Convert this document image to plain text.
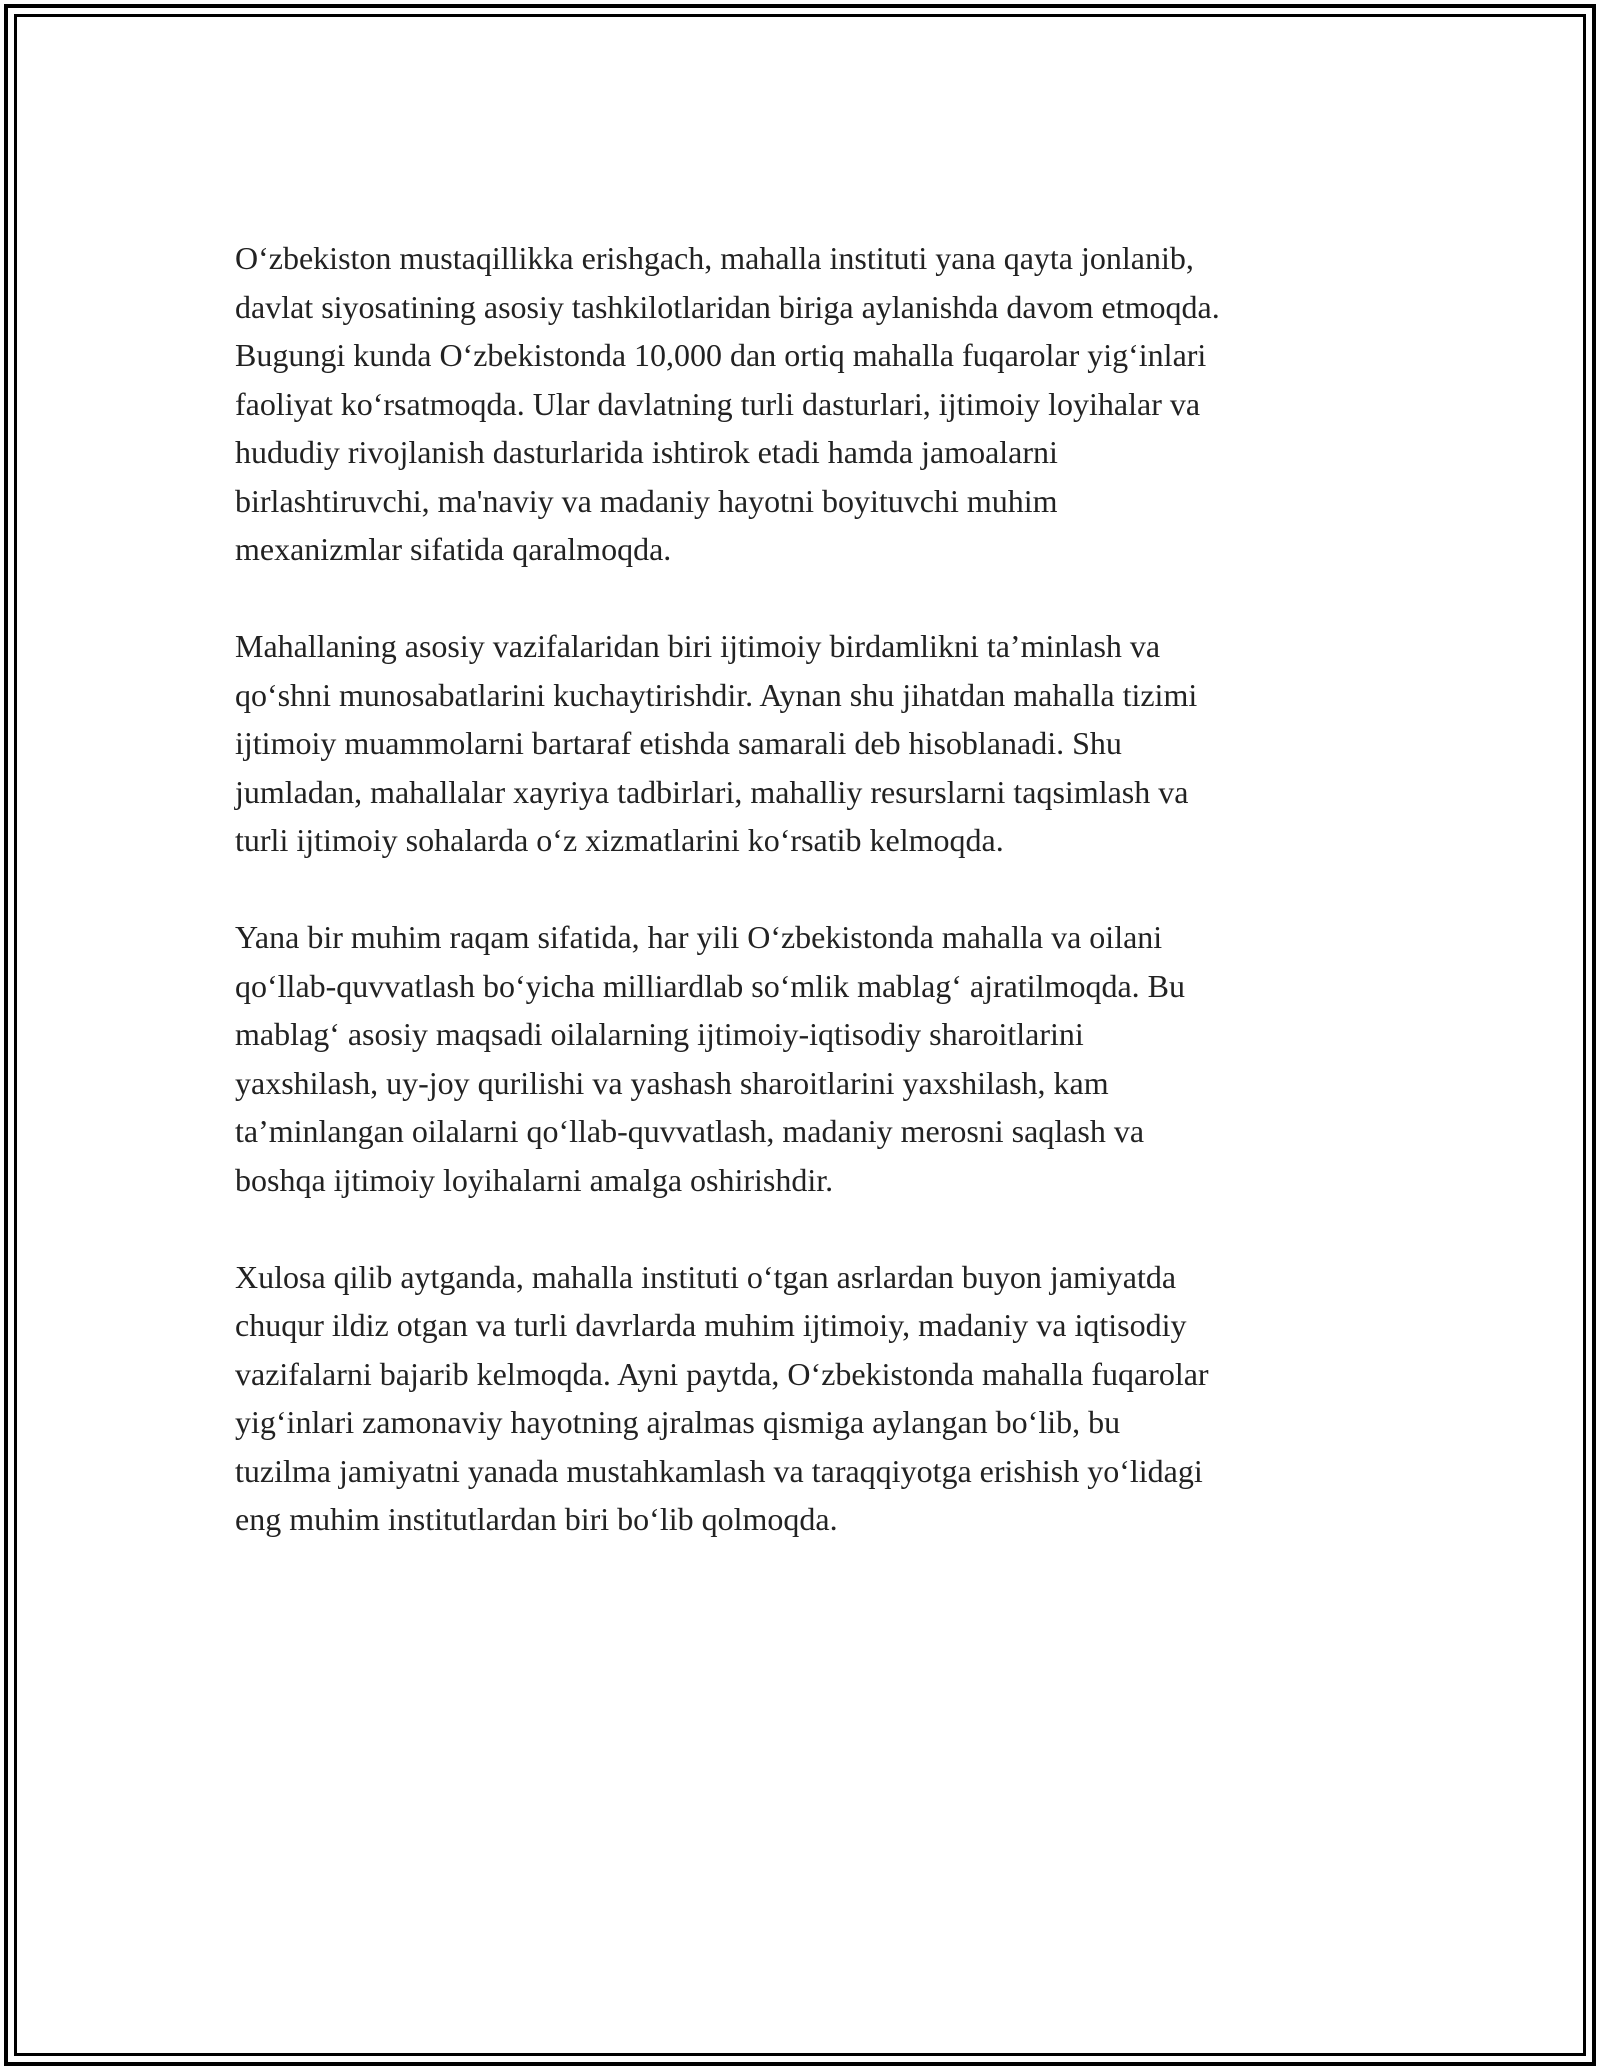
O‘zbekiston mustaqillikka erishgach, mahalla instituti yana qayta jonlanib,
davlat siyosatining asosiy tashkilotlaridan biriga aylanishda davom etmoqda.
Bugungi kunda O‘zbekistonda 10,000 dan ortiq mahalla fuqarolar yig‘inlari
faoliyat ko‘rsatmoqda. Ular davlatning turli dasturlari, ijtimoiy loyihalar va
hududiy rivojlanish dasturlarida ishtirok etadi hamda jamoalarni
birlashtiruvchi, ma'naviy va madaniy hayotni boyituvchi muhim
mexanizmlar sifatida qaralmoqda.

Mahallaning asosiy vazifalaridan biri ijtimoiy birdamlikni ta’minlash va
qo‘shni munosabatlarini kuchaytirishdir. Aynan shu jihatdan mahalla tizimi
ijtimoiy muammolarni bartaraf etishda samarali deb hisoblanadi. Shu
jumladan, mahallalar xayriya tadbirlari, mahalliy resurslarni taqsimlash va
turli ijtimoiy sohalarda o‘z xizmatlarini ko‘rsatib kelmoqda.

Yana bir muhim raqam sifatida, har yili O‘zbekistonda mahalla va oilani
qo‘llab-quvvatlash bo‘yicha milliardlab so‘mlik mablag‘ ajratilmoqda. Bu
mablag‘ asosiy maqsadi oilalarning ijtimoiy-iqtisodiy sharoitlarini
yaxshilash, uy-joy qurilishi va yashash sharoitlarini yaxshilash, kam
ta’minlangan oilalarni qo‘llab-quvvatlash, madaniy merosni saqlash va
boshqa ijtimoiy loyihalarni amalga oshirishdir.

Xulosa qilib aytganda, mahalla instituti o‘tgan asrlardan buyon jamiyatda
chuqur ildiz otgan va turli davrlarda muhim ijtimoiy, madaniy va iqtisodiy
vazifalarni bajarib kelmoqda. Ayni paytda, O‘zbekistonda mahalla fuqarolar
yig‘inlari zamonaviy hayotning ajralmas qismiga aylangan bo‘lib, bu
tuzilma jamiyatni yanada mustahkamlash va taraqqiyotga erishish yo‘lidagi
eng muhim institutlardan biri bo‘lib qolmoqda.
